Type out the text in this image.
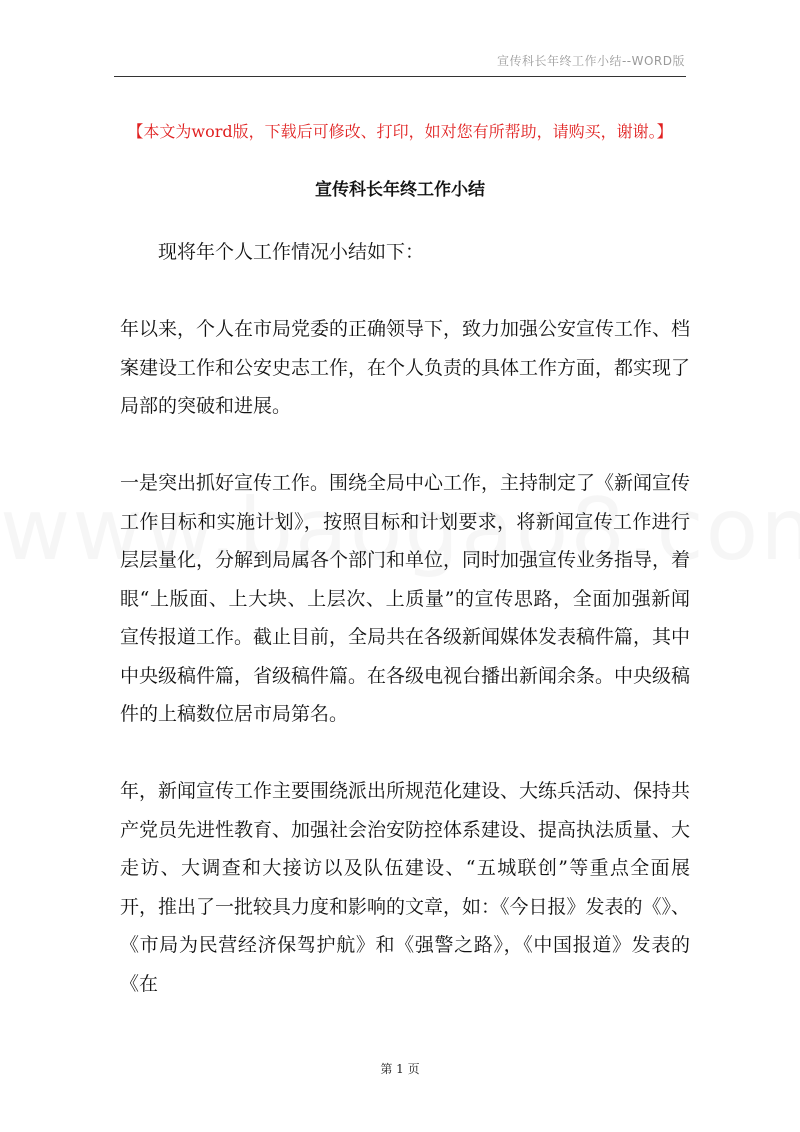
宣传科长年终工作小结--WORD版
【本文为word版，下载后可修改、打印，如对您有所帮助，请购买，谢谢。】
宣传科长年终工作小结

现将年个人工作情况小结如下：

年以来，个人在市局党委的正确领导下，致力加强公安宣传工作、档案建设工作和公安史志工作，在个人负责的具体工作方面，都实现了局部的突破和进展。

一是突出抓好宣传工作。围绕全局中心工作，主持制定了《新闻宣传工作目标和实施计划》，按照目标和计划要求，将新闻宣传工作进行层层量化，分解到局属各个部门和单位，同时加强宣传业务指导，着眼“上版面、上大块、上层次、上质量”的宣传思路，全面加强新闻宣传报道工作。截止目前，全局共在各级新闻媒体发表稿件篇，其中中央级稿件篇，省级稿件篇。在各级电视台播出新闻余条。中央级稿件的上稿数位居市局第名。

年，新闻宣传工作主要围绕派出所规范化建设、大练兵活动、保持共产党员先进性教育、加强社会治安防控体系建设、提高执法质量、大走访、大调查和大接访以及队伍建设、“五城联创”等重点全面展开，推出了一批较具力度和影响的文章，如：《今日报》发表的《》、《市局为民营经济保驾护航》和《强警之路》，《中国报道》发表的《在

第 1 页
